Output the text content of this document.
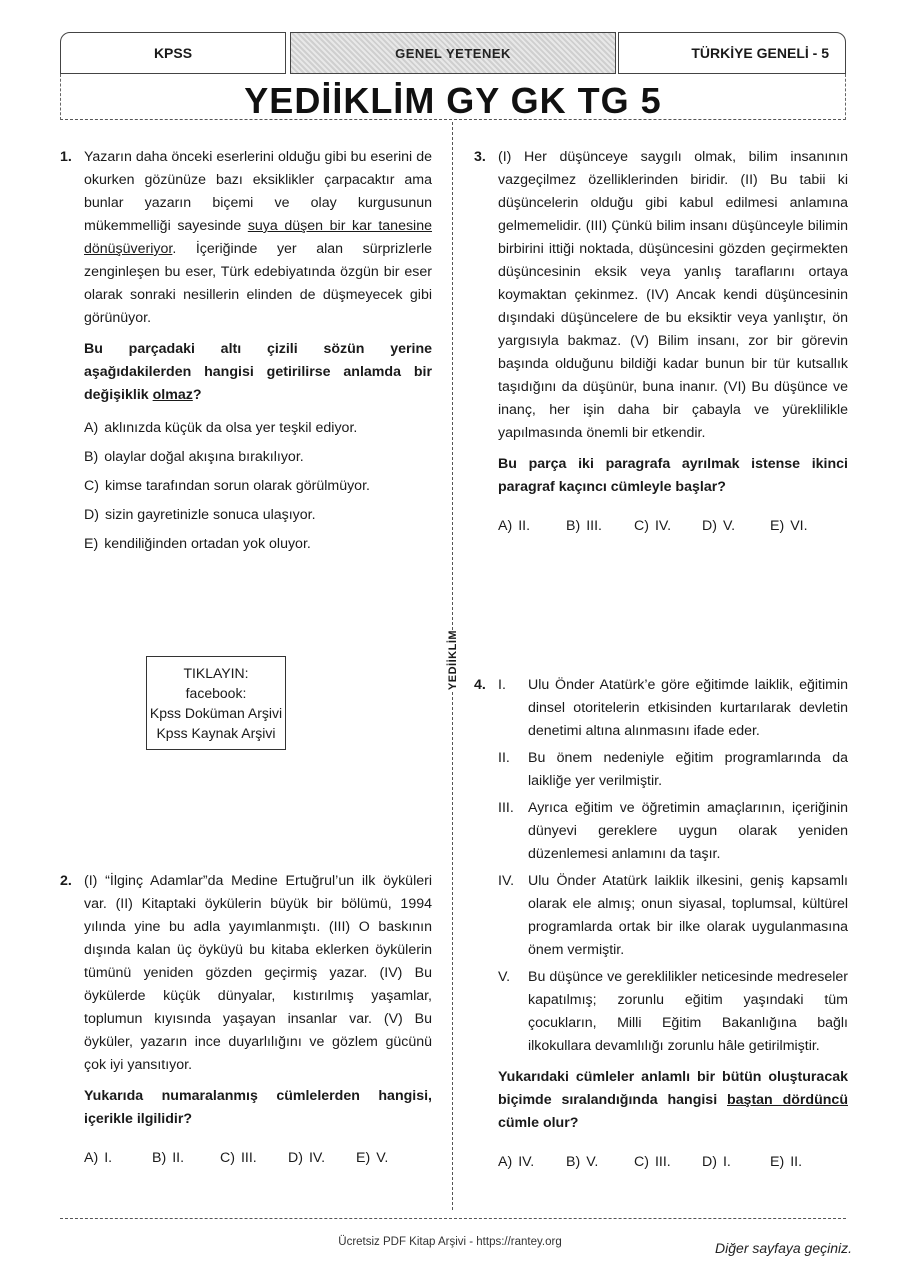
KPSS	GENEL YETENEK	TÜRKİYE GENELİ - 5
YEDİİKLİM GY GK TG 5
YEDİİKLİM
1. Yazarın daha önceki eserlerini olduğu gibi bu eserini de okurken gözünüze bazı eksiklikler çarpacaktır ama bunlar yazarın biçemi ve olay kurgusunun mükemmelliği sayesinde suya düşen bir kar tanesine dönüşüveriyor. İçeriğinde yer alan sürprizlerle zenginleşen bu eser, Türk edebiyatında özgün bir eser olarak sonraki nesillerin elinden de düşmeyecek gibi görünüyor.

Bu parçadaki altı çizili sözün yerine aşağıdakilerden hangisi getirilirse anlamda bir değişiklik olmaz?

A) aklınızda küçük da olsa yer teşkil ediyor.
B) olaylar doğal akışına bırakılıyor.
C) kimse tarafından sorun olarak görülmüyor.
D) sizin gayretinizle sonuca ulaşıyor.
E) kendiliğinden ortadan yok oluyor.
TIKLAYIN:
facebook:
Kpss Doküman Arşivi
Kpss Kaynak Arşivi
2. (I) “İlginç Adamlar”da Medine Ertuğrul’un ilk öyküleri var. (II) Kitaptaki öykülerin büyük bir bölümü, 1994 yılında yine bu adla yayımlanmıştı. (III) O baskının dışında kalan üç öyküyü bu kitaba eklerken öykülerin tümünü yeniden gözden geçirmiş yazar. (IV) Bu öykülerde küçük dünyalar, kıstırılmış yaşamlar, toplumun kıyısında yaşayan insanlar var. (V) Bu öyküler, yazarın ince duyarlılığını ve gözlem gücünü çok iyi yansıtıyor.

Yukarıda numaralanmış cümlelerden hangisi, içerikle ilgilidir?

A) I.	B) II.	C) III.	D) IV.	E) V.
3. (I) Her düşünceye saygılı olmak, bilim insanının vazgeçilmez özelliklerinden biridir. (II) Bu tabii ki düşüncelerin olduğu gibi kabul edilmesi anlamına gelmemelidir. (III) Çünkü bilim insanı düşünceyle bilimin birbirini ittiği noktada, düşüncesini gözden geçirmekten düşüncesinin eksik veya yanlış taraflarını ortaya koymaktan çekinmez. (IV) Ancak kendi düşüncesinin dışındaki düşüncelere de bu eksiktir veya yanlıştır, ön yargısıyla bakmaz. (V) Bilim insanı, zor bir görevin başında olduğunu bildiği kadar bunun bir tür kutsallık taşıdığını da düşünür, buna inanır. (VI) Bu düşünce ve inanç, her işin daha bir çabayla ve yüreklilikle yapılmasında önemli bir etkendir.

Bu parça iki paragrafa ayrılmak istense ikinci paragraf kaçıncı cümleyle başlar?

A) II.	B) III.	C) IV.	D) V.	E) VI.
4. I.	Ulu Önder Atatürk’e göre eğitimde laiklik, eğitimin dinsel otoritelerin etkisinden kurtarılarak devletin denetimi altına alınmasını ifade eder.
II.	Bu önem nedeniyle eğitim programlarında da laikliğe yer verilmiştir.
III.	Ayrıca eğitim ve öğretimin amaçlarının, içeriğinin dünyevi gereklere uygun olarak yeniden düzenlemesi anlamını da taşır.
IV. Ulu Önder Atatürk laiklik ilkesini, geniş kapsamlı olarak ele almış; onun siyasal, toplumsal, kültürel programlarda ortak bir ilke olarak uygulanmasına önem vermiştir.
V.	Bu düşünce ve gereklilikler neticesinde medreseler kapatılmış; zorunlu eğitim yaşındaki tüm çocukların, Milli Eğitim Bakanlığına bağlı ilkokullara devamlılığı zorunlu hâle getirilmiştir.

Yukarıdaki cümleler anlamlı bir bütün oluşturacak biçimde sıralandığında hangisi baştan dördüncü cümle olur?

A) IV.	B) V.	C) III.	D) I.	E) II.
Ücretsiz PDF Kitap Arşivi - https://rantey.org	Diğer sayfaya geçiniz.
